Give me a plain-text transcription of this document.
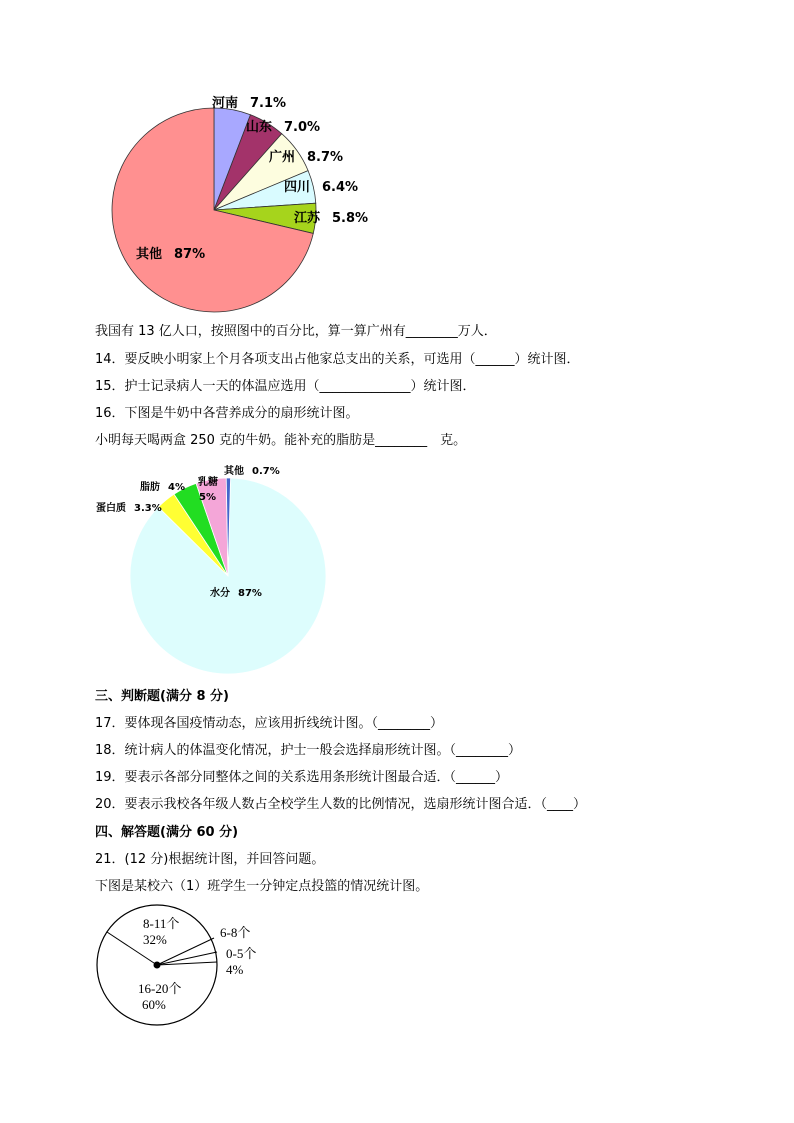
河南 7.1%
山东 7.0%
广州 8.7%
四川 6.4%
江苏 5.8%
其他 87%
我国有 13 亿人口，按照图中的百分比，算一算广州有________万人．
14．要反映小明家上个月各项支出占他家总支出的关系，可选用（______）统计图．
15．护士记录病人一天的体温应选用（______________）统计图．
16．下图是牛奶中各营养成分的扇形统计图。
小明每天喝两盒 250 克的牛奶。能补充的脂肪是________　克。
其他 0.7%
乳糖
5%
脂肪 4%
蛋白质 3.3%
水分 87%
三、判断题(满分 8 分)
17．要体现各国疫情动态，应该用折线统计图。（________）
18．统计病人的体温变化情况，护士一般会选择扇形统计图。（________）
19．要表示各部分同整体之间的关系选用条形统计图最合适．（______）
20．要表示我校各年级人数占全校学生人数的比例情况，选扇形统计图合适．（____）
四、解答题(满分 60 分)
21．(12 分)根据统计图，并回答问题。
下图是某校六（1）班学生一分钟定点投篮的情况统计图。
8-11个
32%	6-8个
0-5个
4%
16-20个
60%
